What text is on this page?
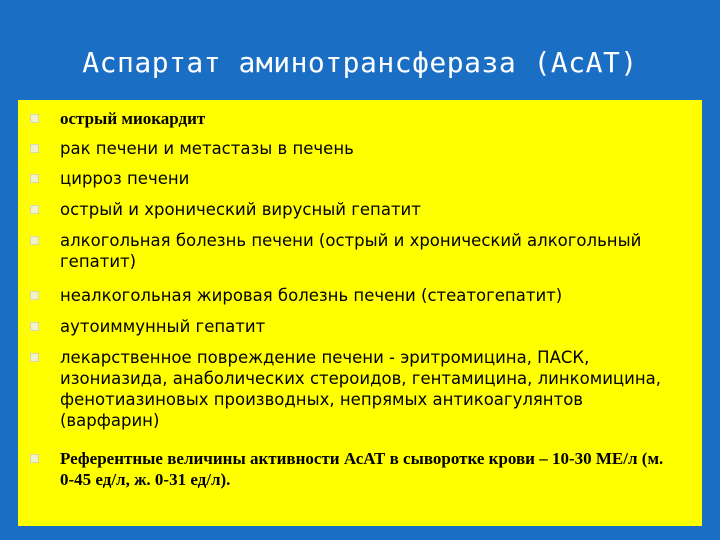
Аспартат аминотрансфераза (АсАТ)
острый миокардит
рак печени и метастазы в печень
цирроз печени
острый и хронический вирусный гепатит
алкогольная болезнь печени (острый и хронический алкогольный гепатит)
неалкогольная жировая болезнь печени (стеатогепатит)
аутоиммунный гепатит
лекарственное повреждение печени - эритромицина, ПАСК, изониазида, анаболических стероидов, гентамицина, линкомицина, фенотиазиновых производных, непрямых антикоагулянтов (варфарин)
Референтные величины активности АсАТ в сыворотке крови – 10-30 МЕ/л (м. 0-45 ед/л, ж. 0-31 ед/л).
